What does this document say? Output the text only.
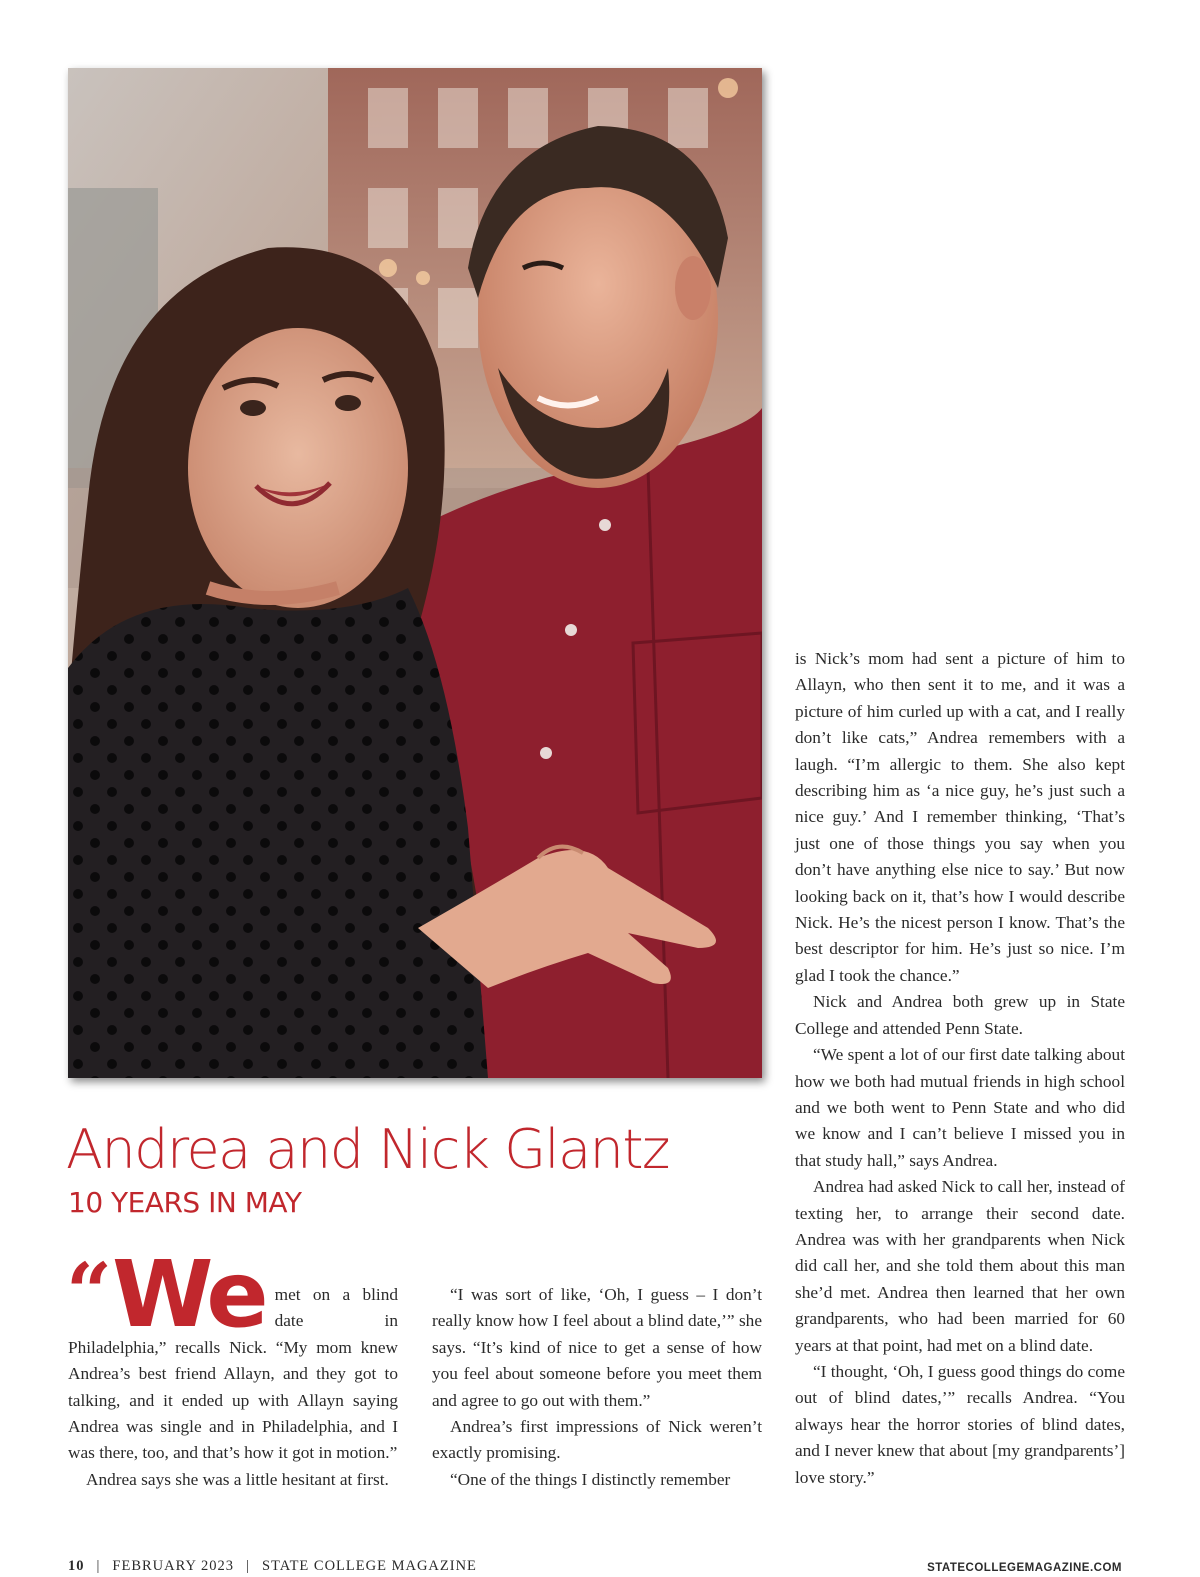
Andrea and Nick Glantz
10 YEARS IN MAY

“We met on a blind date in Philadelphia,” recalls Nick. “My mom knew Andrea’s best friend Allayn, and they got to talking, and it ended up with Allayn saying Andrea was single and in Philadelphia, and I was there, too, and that’s how it got in motion.”

Andrea says she was a little hesitant at first.

“I was sort of like, ‘Oh, I guess – I don’t really know how I feel about a blind date,’” she says. “It’s kind of nice to get a sense of how you feel about someone before you meet them and agree to go out with them.”

Andrea’s first impressions of Nick weren’t exactly promising.

“One of the things I distinctly remember

is Nick’s mom had sent a picture of him to Allayn, who then sent it to me, and it was a picture of him curled up with a cat, and I really don’t like cats,” Andrea remembers with a laugh. “I’m allergic to them. She also kept describing him as ‘a nice guy, he’s just such a nice guy.’ And I remember thinking, ‘That’s just one of those things you say when you don’t have anything else nice to say.’ But now looking back on it, that’s how I would describe Nick. He’s the nicest person I know. That’s the best descriptor for him. He’s just so nice. I’m glad I took the chance.”

Nick and Andrea both grew up in State College and attended Penn State.

“We spent a lot of our first date talking about how we both had mutual friends in high school and we both went to Penn State and who did we know and I can’t believe I missed you in that study hall,” says Andrea.

Andrea had asked Nick to call her, instead of texting her, to arrange their second date. Andrea was with her grandparents when Nick did call her, and she told them about this man she’d met. Andrea then learned that her own grandparents, who had been married for 60 years at that point, had met on a blind date.

“I thought, ‘Oh, I guess good things do come out of blind dates,’” recalls Andrea. “You always hear the horror stories of blind dates, and I never knew that about [my grandparents’] love story.”

10 | FEBRUARY 2023 | STATE COLLEGE MAGAZINE	STATECOLLEGEMAGAZINE.COM
